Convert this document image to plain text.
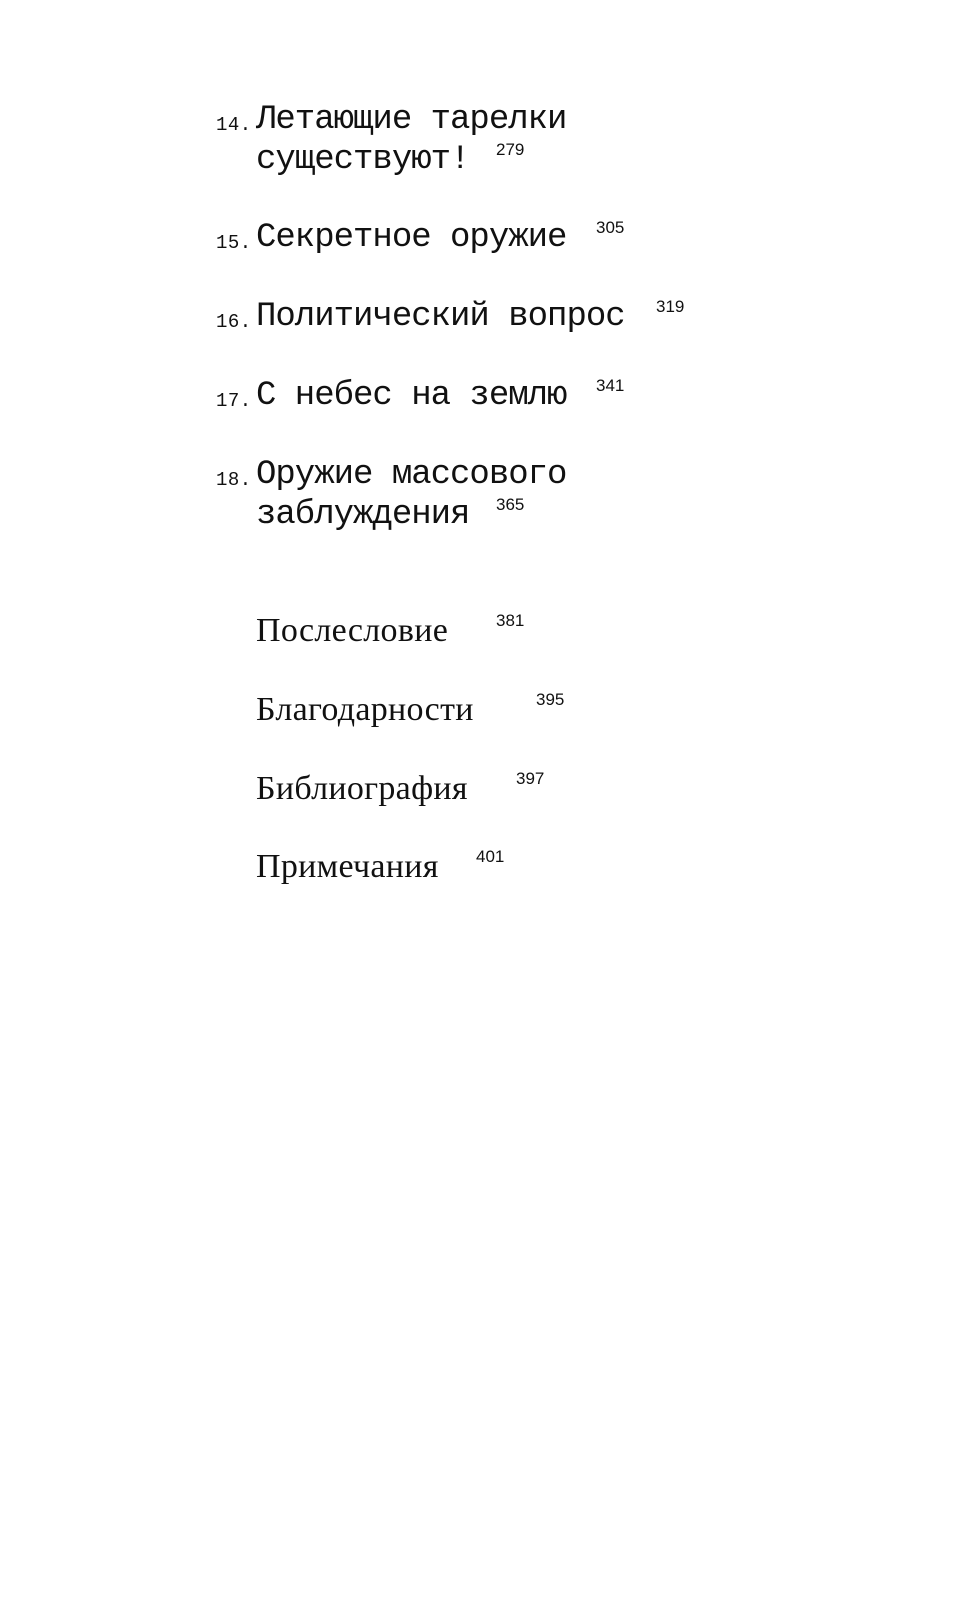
14. Летающие тарелки
существуют!	279
15. Секретное оружие 305
16. Политический вопрос 319
17. С небес на землю 341
18. Оружие массового
заблуждения	365
Послесловие	381
Благодарности	395
Библиография	397
Примечания 401
